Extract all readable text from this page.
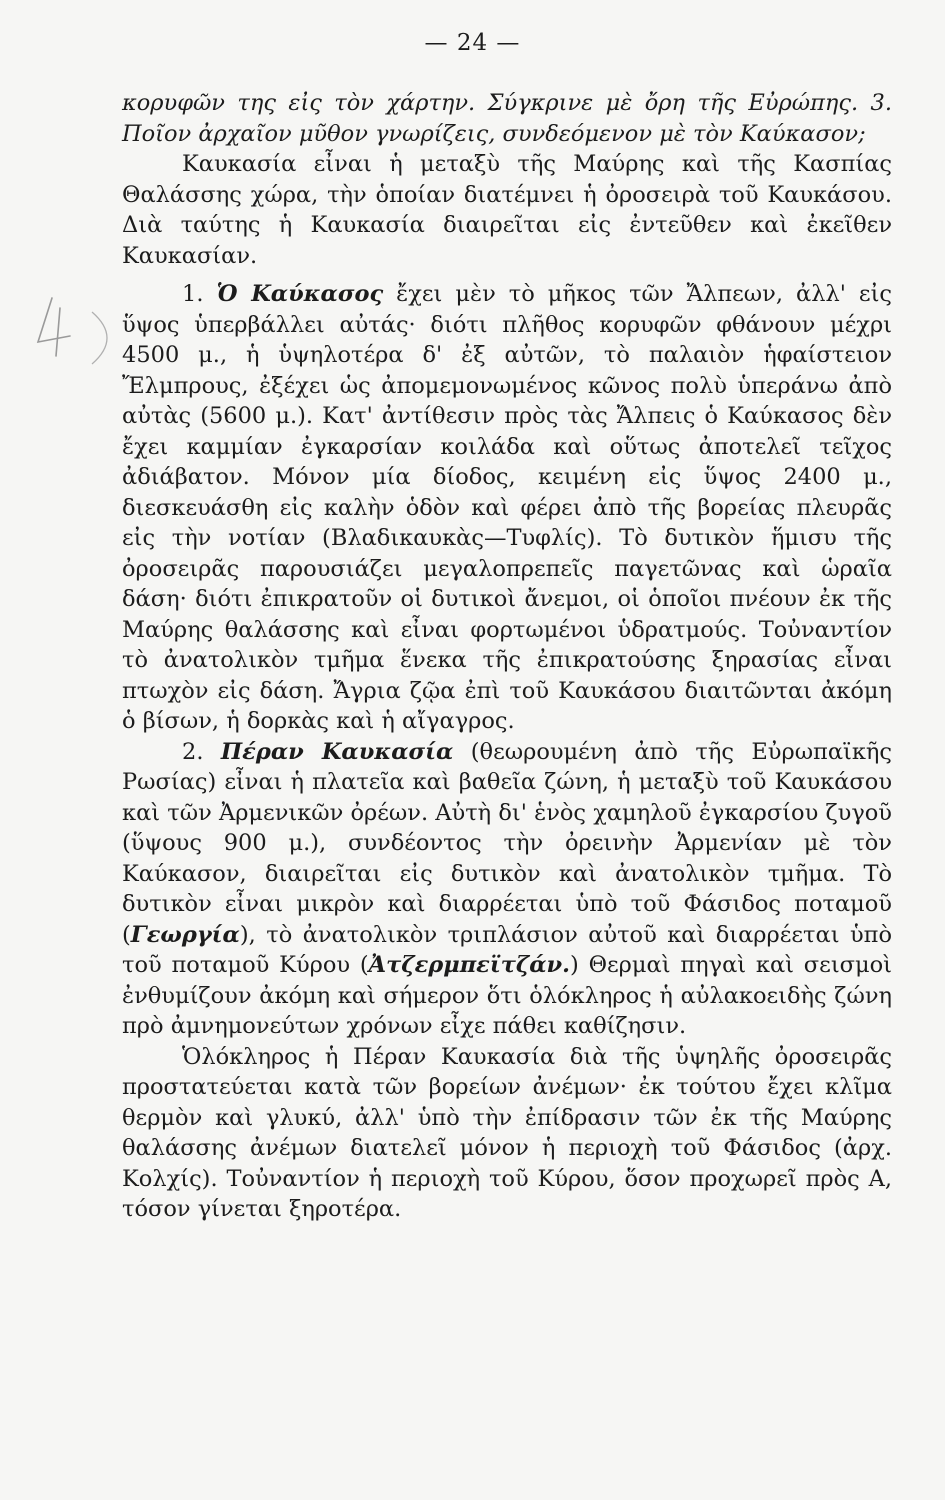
— 24 —

κορυφῶν της εἰς τὸν χάρτην. Σύγκρινε μὲ ὄρη τῆς Εὐρώπης. 3. Ποῖον ἀρχαῖον μῦθον γνωρίζεις, συνδεόμενον μὲ τὸν Καύκασον;

Καυκασία εἶναι ἡ μεταξὺ τῆς Μαύρης καὶ τῆς Κασπίας Θαλάσσης χώρα, τὴν ὁποίαν διατέμνει ἡ ὀροσειρὰ τοῦ Καυκάσου. Διὰ ταύτης ἡ Καυκασία διαιρεῖται εἰς ἐντεῦθεν καὶ ἐκεῖθεν Καυκασίαν.

1. Ὁ Καύκασος ἔχει μὲν τὸ μῆκος τῶν Ἄλπεων, ἀλλ' εἰς ὕψος ὑπερβάλλει αὐτάς· διότι πλῆθος κορυφῶν φθάνουν μέχρι 4500 μ., ἡ ὑψηλοτέρα δ' ἐξ αὐτῶν, τὸ παλαιὸν ἡφαίστειον Ἔλμπρους, ἐξέχει ὡς ἀπομεμονωμένος κῶνος πολὺ ὑπεράνω ἀπὸ αὐτὰς (5600 μ.). Κατ' ἀντίθεσιν πρὸς τὰς Ἄλπεις ὁ Καύκασος δὲν ἔχει καμμίαν ἐγκαρσίαν κοιλάδα καὶ οὕτως ἀποτελεῖ τεῖχος ἀδιάβατον. Μόνον μία δίοδος, κειμένη εἰς ὕψος 2400 μ., διεσκευάσθη εἰς καλὴν ὁδὸν καὶ φέρει ἀπὸ τῆς βορείας πλευρᾶς εἰς τὴν νοτίαν (Βλαδικαυκὰς—Τυφλίς). Τὸ δυτικὸν ἥμισυ τῆς ὀροσειρᾶς παρουσιάζει μεγαλοπρεπεῖς παγετῶνας καὶ ὡραῖα δάση· διότι ἐπικρατοῦν οἱ δυτικοὶ ἄνεμοι, οἱ ὁποῖοι πνέουν ἐκ τῆς Μαύρης θαλάσσης καὶ εἶναι φορτωμένοι ὑδρατμούς. Τοὐναντίον τὸ ἀνατολικὸν τμῆμα ἕνεκα τῆς ἐπικρατούσης ξηρασίας εἶναι πτωχὸν εἰς δάση. Ἄγρια ζῷα ἐπὶ τοῦ Καυκάσου διαιτῶνται ἀκόμη ὁ βίσων, ἡ δορκὰς καὶ ἡ αἴγαγρος.

2. Πέραν Καυκασία (θεωρουμένη ἀπὸ τῆς Εὐρωπαϊκῆς Ρωσίας) εἶναι ἡ πλατεῖα καὶ βαθεῖα ζώνη, ἡ μεταξὺ τοῦ Καυκάσου καὶ τῶν Ἀρμενικῶν ὀρέων. Αὐτὴ δι' ἑνὸς χαμηλοῦ ἐγκαρσίου ζυγοῦ (ὕψους 900 μ.), συνδέοντος τὴν ὀρεινὴν Ἀρμενίαν μὲ τὸν Καύκασον, διαιρεῖται εἰς δυτικὸν καὶ ἀνατολικὸν τμῆμα. Τὸ δυτικὸν εἶναι μικρὸν καὶ διαρρέεται ὑπὸ τοῦ Φάσιδος ποταμοῦ (Γεωργία), τὸ ἀνατολικὸν τριπλάσιον αὐτοῦ καὶ διαρρέεται ὑπὸ τοῦ ποταμοῦ Κύρου (Ἀτζερμπεϊτζάν.) Θερμαὶ πηγαὶ καὶ σεισμοὶ ἐνθυμίζουν ἀκόμη καὶ σήμερον ὅτι ὁλόκληρος ἡ αὐλακοειδὴς ζώνη πρὸ ἀμνημονεύτων χρόνων εἶχε πάθει καθίζησιν.

Ὁλόκληρος ἡ Πέραν Καυκασία διὰ τῆς ὑψηλῆς ὀροσειρᾶς προστατεύεται κατὰ τῶν βορείων ἀνέμων· ἐκ τούτου ἔχει κλῖμα θερμὸν καὶ γλυκύ, ἀλλ' ὑπὸ τὴν ἐπίδρασιν τῶν ἐκ τῆς Μαύρης θαλάσσης ἀνέμων διατελεῖ μόνον ἡ περιοχὴ τοῦ Φάσιδος (ἀρχ. Κολχίς). Τοὐναντίον ἡ περιοχὴ τοῦ Κύρου, ὅσον προχωρεῖ πρὸς Α, τόσον γίνεται ξηροτέρα.
